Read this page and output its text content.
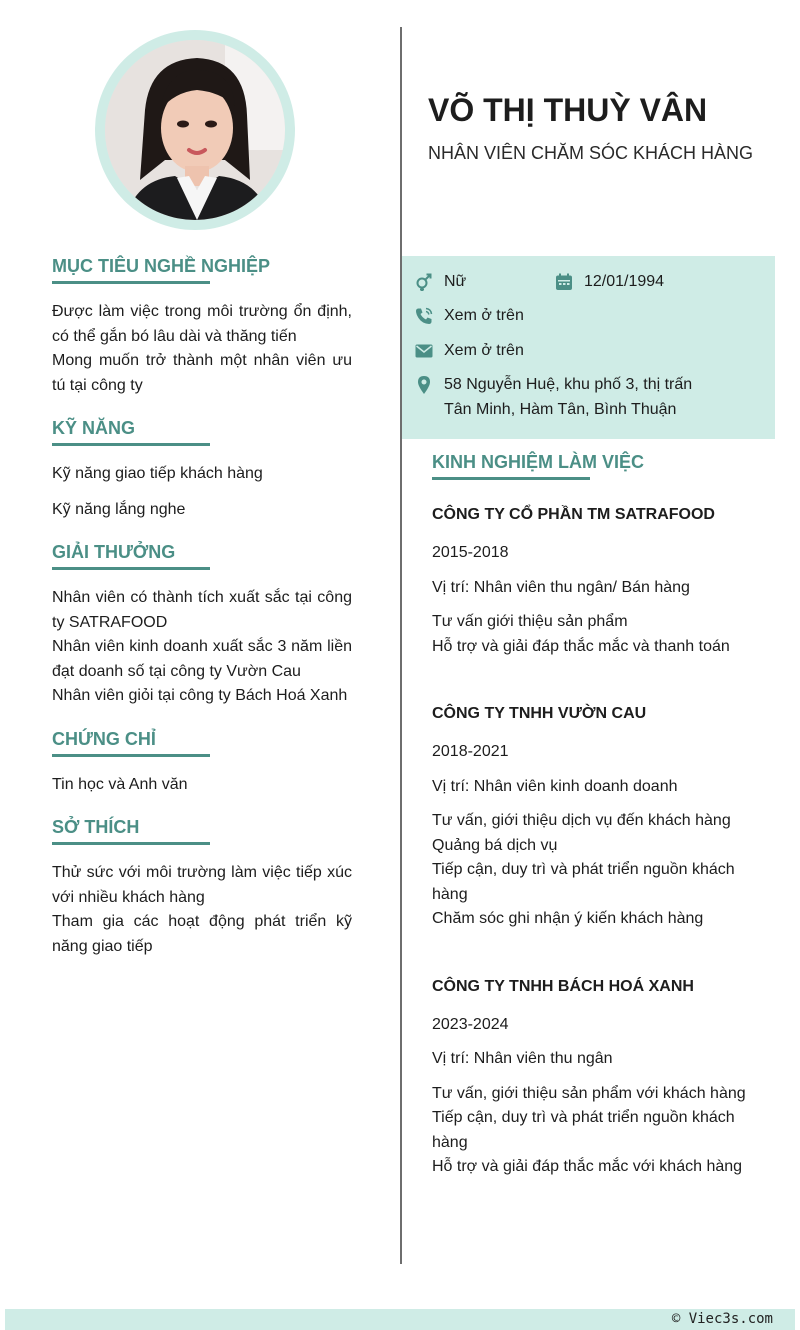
MỤC TIÊU NGHỀ NGHIỆP
Được làm việc trong môi trường ổn định, có thể gắn bó lâu dài và thăng tiến
Mong muốn trở thành một nhân viên ưu tú tại công ty
KỸ NĂNG
Kỹ năng giao tiếp khách hàng
Kỹ năng lắng nghe
GIẢI THƯỞNG
Nhân viên có thành tích xuất sắc tại công ty SATRAFOOD
Nhân viên kinh doanh xuất sắc 3 năm liền đạt doanh số tại công ty Vườn Cau
Nhân viên giỏi tại công ty Bách Hoá Xanh
CHỨNG CHỈ
Tin học và Anh văn
SỞ THÍCH
Thử sức với môi trường làm việc tiếp xúc với nhiều khách hàng
Tham gia các hoạt động phát triển kỹ năng giao tiếp
VÕ THỊ THUỲ VÂN
NHÂN VIÊN CHĂM SÓC KHÁCH HÀNG
Nữ	12/01/1994
Xem ở trên
Xem ở trên
58 Nguyễn Huệ, khu phố 3, thị trấn
Tân Minh, Hàm Tân, Bình Thuận
KINH NGHIỆM LÀM VIỆC
CÔNG TY CỔ PHẦN TM SATRAFOOD
2015-2018
Vị trí: Nhân viên thu ngân/ Bán hàng
Tư vấn giới thiệu sản phẩm
Hỗ trợ và giải đáp thắc mắc và thanh toán
CÔNG TY TNHH VƯỜN CAU
2018-2021
Vị trí: Nhân viên kinh doanh doanh
Tư vấn, giới thiệu dịch vụ đến khách hàng
Quảng bá dịch vụ
Tiếp cận, duy trì và phát triển nguồn khách hàng
Chăm sóc ghi nhận ý kiến khách hàng
CÔNG TY TNHH BÁCH HOÁ XANH
2023-2024
Vị trí: Nhân viên thu ngân
Tư vấn, giới thiệu sản phẩm với khách hàng
Tiếp cận, duy trì và phát triển nguồn khách hàng
Hỗ trợ và giải đáp thắc mắc với khách hàng
© Viec3s.com
